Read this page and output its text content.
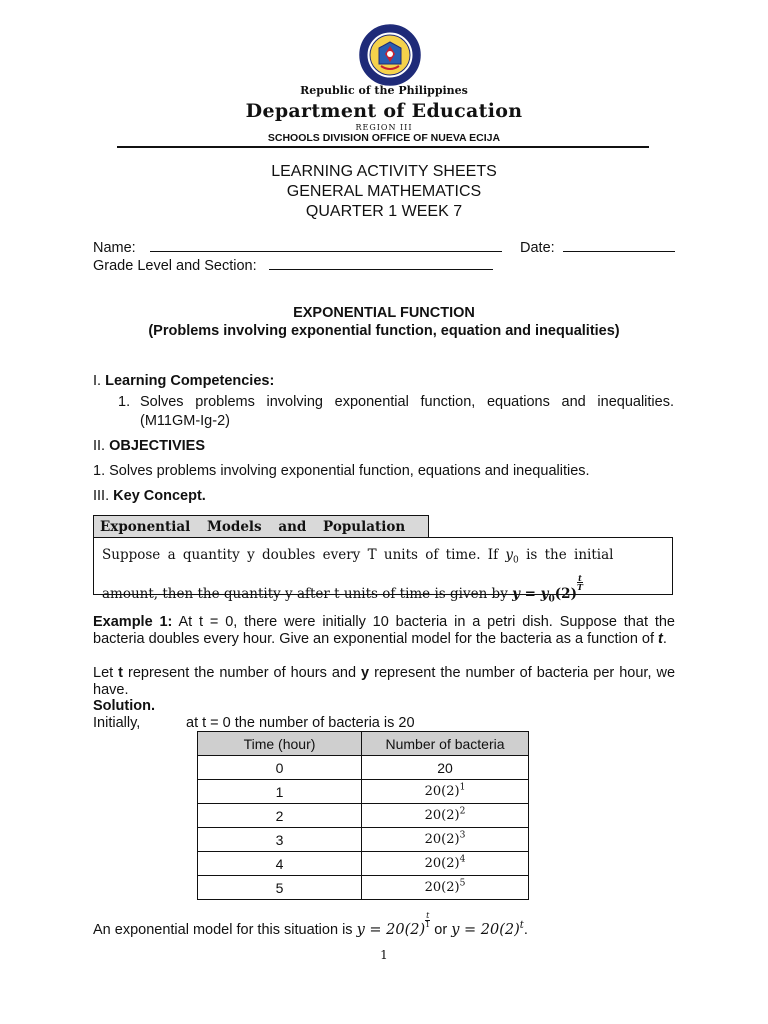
Republic of the Philippines
Department of Education
REGION III
SCHOOLS DIVISION OFFICE OF NUEVA ECIJA
LEARNING ACTIVITY SHEETS
GENERAL MATHEMATICS
QUARTER 1 WEEK 7
Name:	Date:
Grade Level and Section:
EXPONENTIAL FUNCTION
(Problems involving exponential function, equation and inequalities)
I. Learning Competencies:
1. Solves problems involving exponential function, equations and inequalities. (M11GM-Ig-2)
II. OBJECTIVIES
1. Solves problems involving exponential function, equations and inequalities.
III. Key Concept.
Exponential Models and Population
Suppose a quantity y doubles every T units of time. If $y_0$ is the initial
amount, then the quantity y after t units of time is given by $y = y_0(2)$
$\frac{t}{T}$
Example 1: At t = 0, there were initially 10 bacteria in a petri dish. Suppose that the bacteria doubles every hour. Give an exponential model for the bacteria as a function of t.
Let t represent the number of hours and y represent the number of bacteria per hour, we have.
Solution.
Initially,	at t = 0 the number of bacteria is 20
Time (hour)	Number of bacteria
0	20
1	$20(2)^1$
2	$20(2)^2$
3	$20(2)^3$
4	$20(2)^4$
5	$20(2)^5$
An exponential model for this situation is y = 20(2)
$\frac{t}{1}$
or $y = 20(2)^t$.
1
